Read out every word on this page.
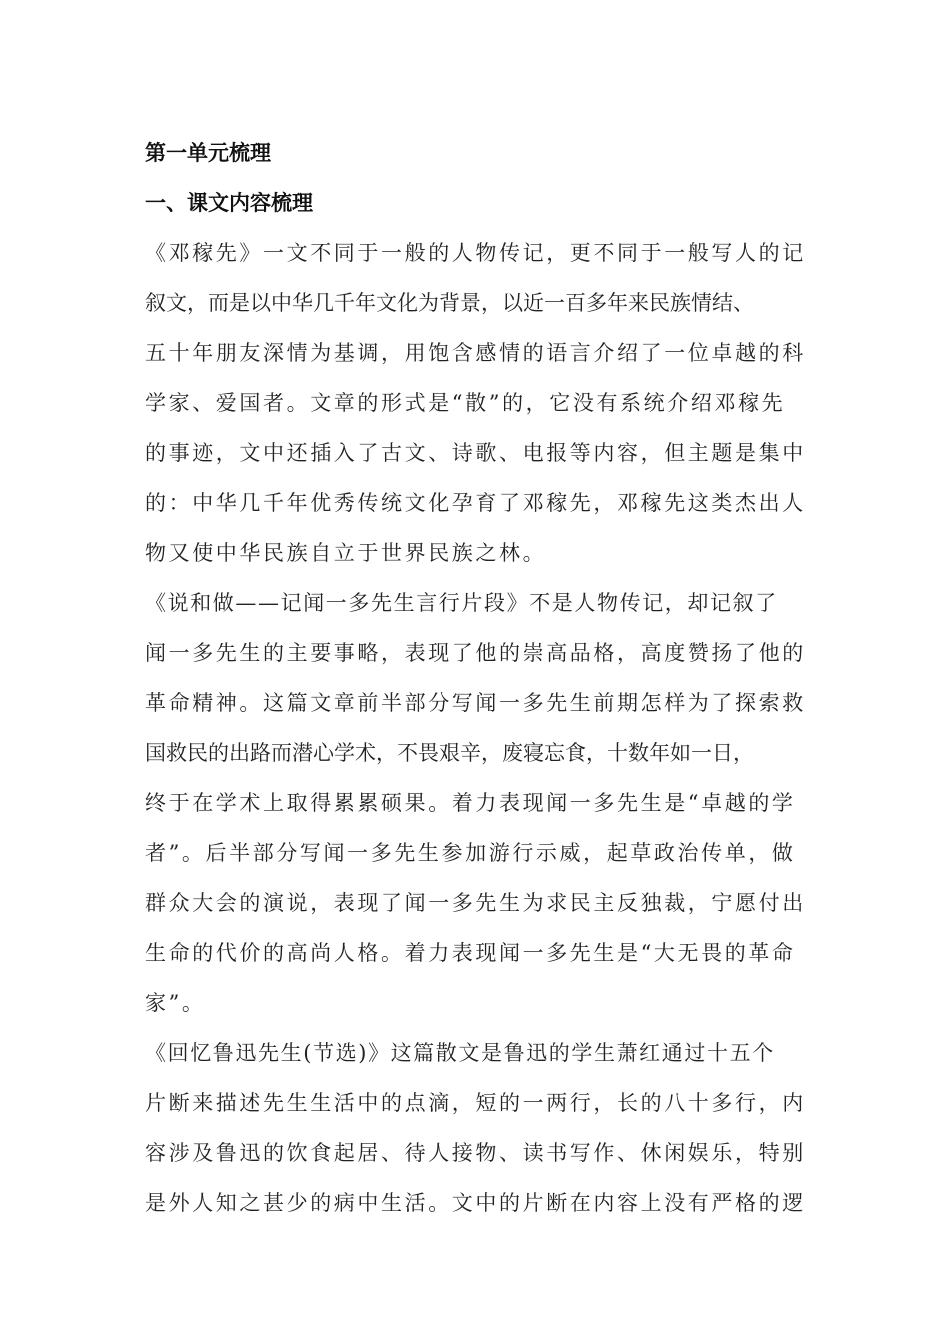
第一单元梳理
一、课文内容梳理
《邓稼先》一文不同于一般的人物传记，更不同于一般写人的记
叙文，而是以中华几千年文化为背景，以近一百多年来民族情结、
五十年朋友深情为基调，用饱含感情的语言介绍了一位卓越的科
学家、爱国者。文章的形式是“散”的，它没有系统介绍邓稼先
的事迹，文中还插入了古文、诗歌、电报等内容，但主题是集中
的：中华几千年优秀传统文化孕育了邓稼先，邓稼先这类杰出人
物又使中华民族自立于世界民族之林。
《说和做——记闻一多先生言行片段》不是人物传记，却记叙了
闻一多先生的主要事略，表现了他的崇高品格，高度赞扬了他的
革命精神。这篇文章前半部分写闻一多先生前期怎样为了探索救
国救民的出路而潜心学术，不畏艰辛，废寝忘食，十数年如一日，
终于在学术上取得累累硕果。着力表现闻一多先生是“卓越的学
者”。后半部分写闻一多先生参加游行示威，起草政治传单，做
群众大会的演说，表现了闻一多先生为求民主反独裁，宁愿付出
生命的代价的高尚人格。着力表现闻一多先生是“大无畏的革命
家”。
《回忆鲁迅先生(节选)》这篇散文是鲁迅的学生萧红通过十五个
片断来描述先生生活中的点滴，短的一两行，长的八十多行，内
容涉及鲁迅的饮食起居、待人接物、读书写作、休闲娱乐，特别
是外人知之甚少的病中生活。文中的片断在内容上没有严格的逻
